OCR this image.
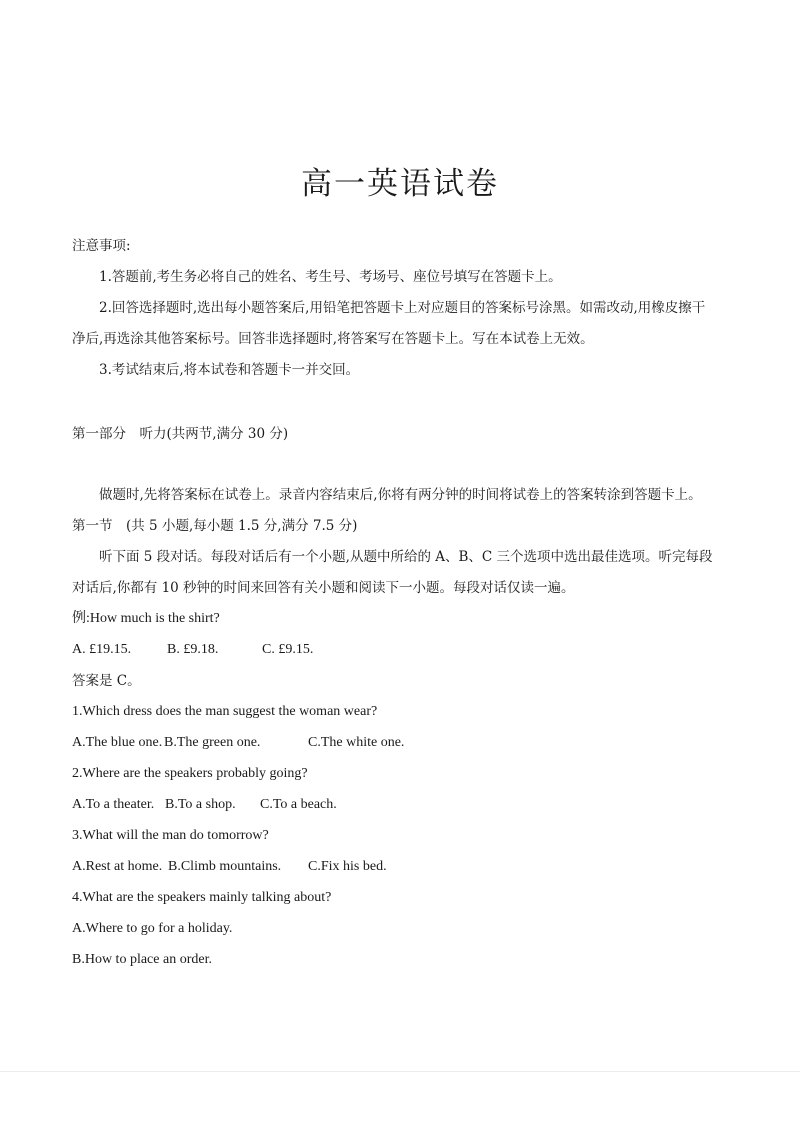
高一英语试卷
注意事项:
1.答题前,考生务必将自己的姓名、考生号、考场号、座位号填写在答题卡上。
2.回答选择题时,选出每小题答案后,用铅笔把答题卡上对应题目的答案标号涂黑。如需改动,用橡皮擦干
净后,再选涂其他答案标号。回答非选择题时,将答案写在答题卡上。写在本试卷上无效。
3.考试结束后,将本试卷和答题卡一并交回。
第一部分　听力(共两节,满分 30 分)
做题时,先将答案标在试卷上。录音内容结束后,你将有两分钟的时间将试卷上的答案转涂到答题卡上。
第一节　(共 5 小题,每小题 1.5 分,满分 7.5 分)
听下面 5 段对话。每段对话后有一个小题,从题中所给的 A、B、C 三个选项中选出最佳选项。听完每段
对话后,你都有 10 秒钟的时间来回答有关小题和阅读下一小题。每段对话仅读一遍。
例:How much is the shirt?
A. £19.15.	B. £9.18.	C. £9.15.
答案是 C。
1.Which dress does the man suggest the woman wear?
A.The blue one. B.The green one.	C.The white one.
2.Where are the speakers probably going?
A.To a theater. B.To a shop. C.To a beach.
3.What will the man do tomorrow?
A.Rest at home. B.Climb mountains. C.Fix his bed.
4.What are the speakers mainly talking about?
A.Where to go for a holiday.
B.How to place an order.
